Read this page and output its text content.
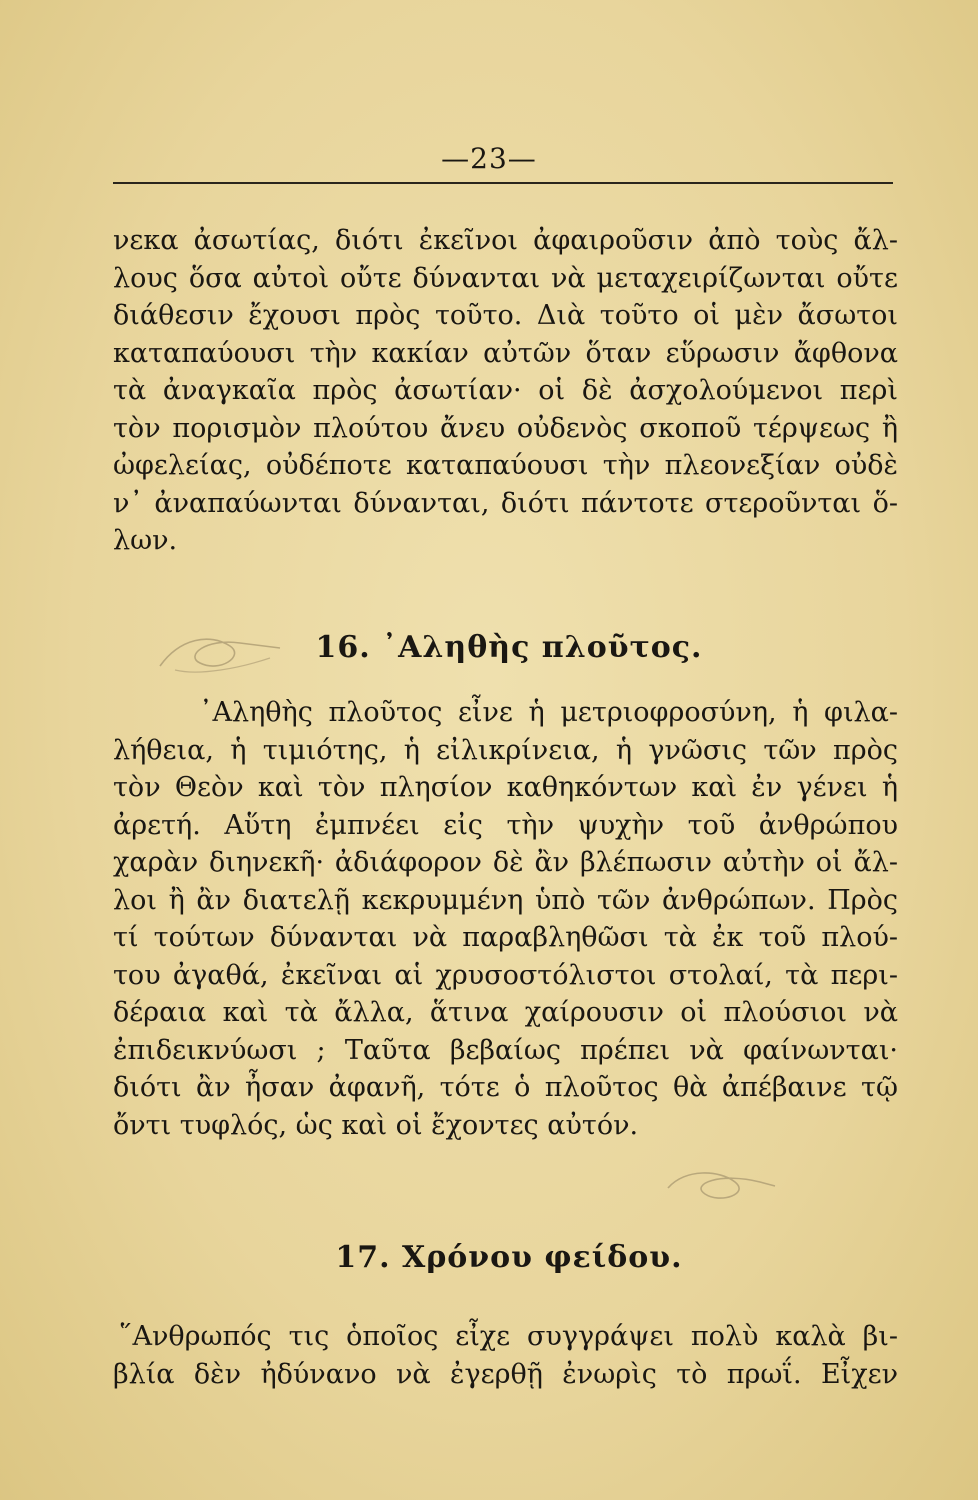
—23—
νεκα ἀσωτίας, διότι ἐκεῖνοι ἀφαιροῦσιν ἀπὸ τοὺς ἄλ-
λους ὅσα αὐτοὶ οὔτε δύνανται νὰ μεταχειρίζωνται οὔτε
διάθεσιν ἔχουσι πρὸς τοῦτο. Διὰ τοῦτο οἱ μὲν ἄσωτοι
καταπαύουσι τὴν κακίαν αὐτῶν ὅταν εὕρωσιν ἄφθονα
τὰ ἀναγκαῖα πρὸς ἀσωτίαν· οἱ δὲ ἀσχολούμενοι περὶ
τὸν πορισμὸν πλούτου ἄνευ οὐδενὸς σκοποῦ τέρψεως ἢ
ὠφελείας, οὐδέποτε καταπαύουσι τὴν πλεονεξίαν οὐδὲ
ν᾿ ἀναπαύωνται δύνανται, διότι πάντοτε στεροῦνται ὅ-
λων.
16. ᾿Αληθὴς πλοῦτος.
᾿Αληθὴς πλοῦτος εἶνε ἡ μετριοφροσύνη, ἡ φιλα-
λήθεια, ἡ τιμιότης, ἡ εἰλικρίνεια, ἡ γνῶσις τῶν πρὸς
τὸν Θεὸν καὶ τὸν πλησίον καθηκόντων καὶ ἐν γένει ἡ
ἀρετή. Αὕτη ἐμπνέει εἰς τὴν ψυχὴν τοῦ ἀνθρώπου
χαρὰν διηνεκῆ· ἀδιάφορον δὲ ἂν βλέπωσιν αὐτὴν οἱ ἄλ-
λοι ἢ ἂν διατελῇ κεκρυμμένη ὑπὸ τῶν ἀνθρώπων. Πρὸς
τί τούτων δύνανται νὰ παραβληθῶσι τὰ ἐκ τοῦ πλού-
του ἀγαθά, ἐκεῖναι αἱ χρυσοστόλιστοι στολαί, τὰ περι-
δέραια καὶ τὰ ἄλλα, ἅτινα χαίρουσιν οἱ πλούσιοι νὰ
ἐπιδεικνύωσι ; Ταῦτα βεβαίως πρέπει νὰ φαίνωνται·
διότι ἂν ἦσαν ἀφανῆ, τότε ὁ πλοῦτος θὰ ἀπέβαινε τῷ
ὄντι τυφλός, ὡς καὶ οἱ ἔχοντες αὐτόν.
17. Χρόνου φείδου.
῞Ανθρωπός τις ὁποῖος εἶχε συγγράψει πολὺ καλὰ βι-
βλία δὲν ἠδύνανο νὰ ἐγερθῇ ἐνωρὶς τὸ πρωΐ. Εἶχεν
